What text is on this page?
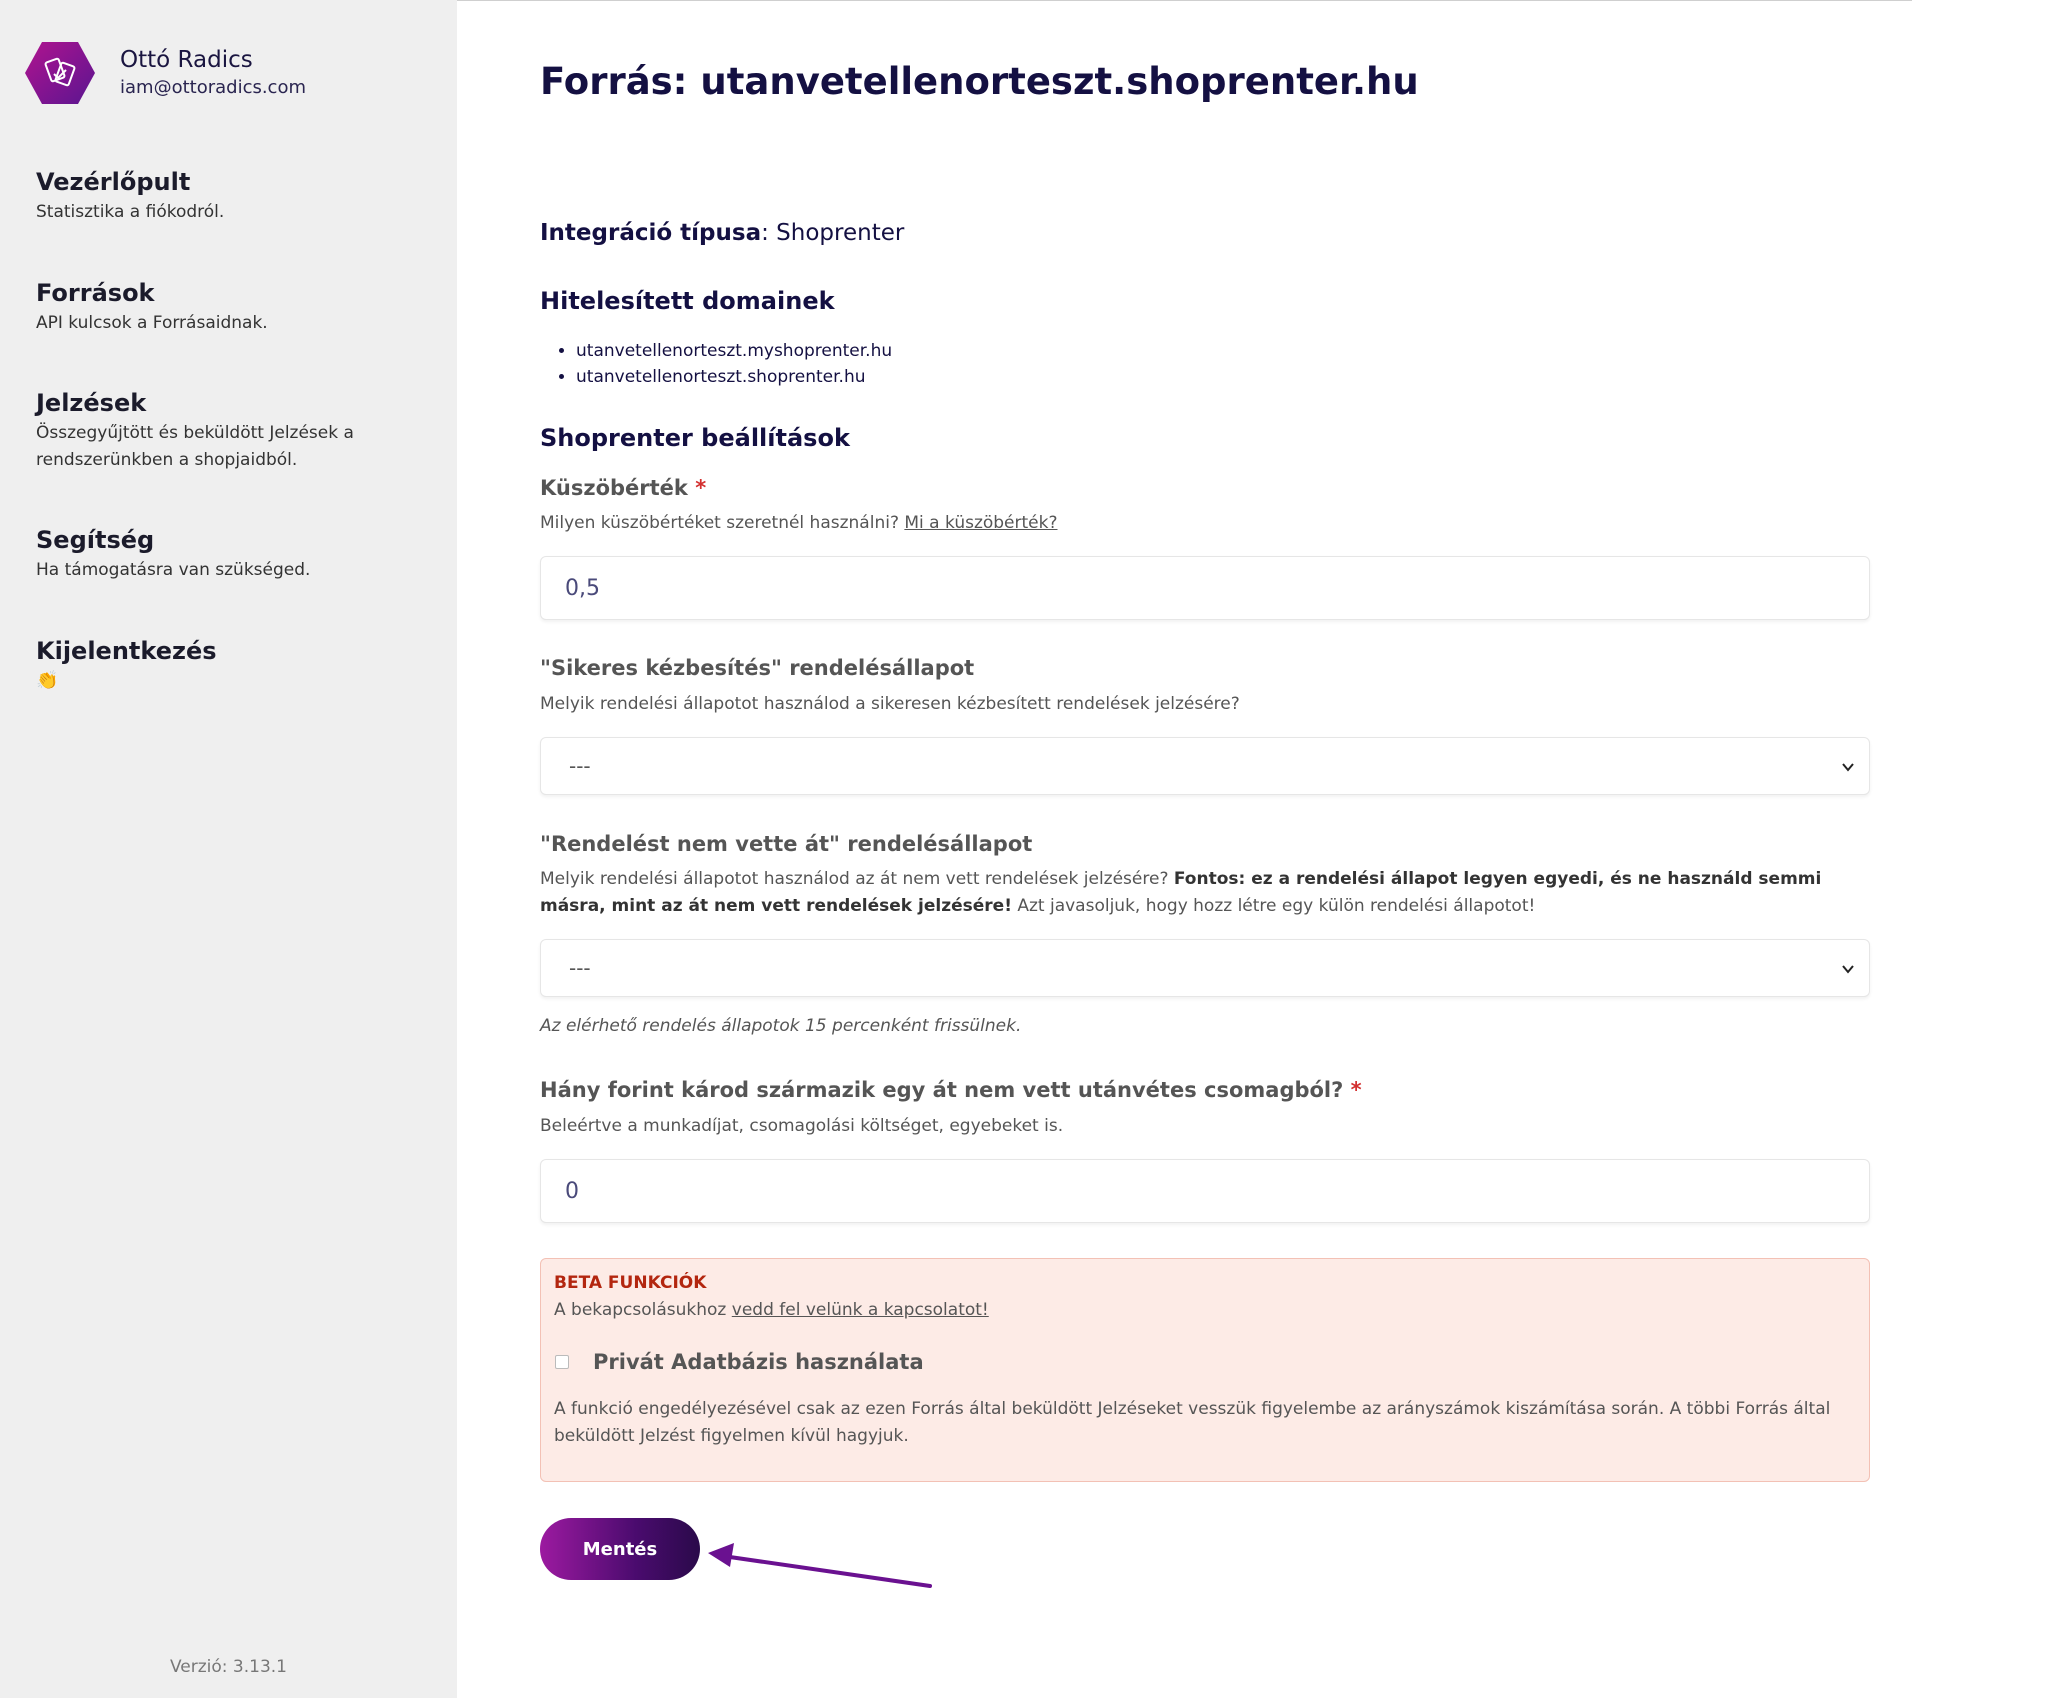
Ottó Radics
iam@ottoradics.com
Vezérlőpult
Statisztika a fiókodról.
Források
API kulcsok a Forrásaidnak.
Jelzések
Összegyűjtött és beküldött Jelzések a rendszerünkben a shopjaidból.
Segítség
Ha támogatásra van szükséged.
Kijelentkezés
👏
Verzió: 3.13.1
Forrás: utanvetellenorteszt.shoprenter.hu
Integráció típusa: Shoprenter
Hitelesített domainek
• utanvetellenorteszt.myshoprenter.hu
• utanvetellenorteszt.shoprenter.hu
Shoprenter beállítások
Küszöbérték *
Milyen küszöbértéket szeretnél használni? Mi a küszöbérték?
0,5
"Sikeres kézbesítés" rendelésállapot
Melyik rendelési állapotot használod a sikeresen kézbesített rendelések jelzésére?
---
"Rendelést nem vette át" rendelésállapot
Melyik rendelési állapotot használod az át nem vett rendelések jelzésére? Fontos: ez a rendelési állapot legyen egyedi, és ne használd semmi másra, mint az át nem vett rendelések jelzésére! Azt javasoljuk, hogy hozz létre egy külön rendelési állapotot!
---
Az elérhető rendelés állapotok 15 percenként frissülnek.
Hány forint károd származik egy át nem vett utánvétes csomagból? *
Beleértve a munkadíjat, csomagolási költséget, egyebeket is.
0
BETA FUNKCIÓK
A bekapcsolásukhoz vedd fel velünk a kapcsolatot!
Privát Adatbázis használata
A funkció engedélyezésével csak az ezen Forrás által beküldött Jelzéseket vesszük figyelembe az arányszámok kiszámítása során. A többi Forrás által beküldött Jelzést figyelmen kívül hagyjuk.
Mentés
